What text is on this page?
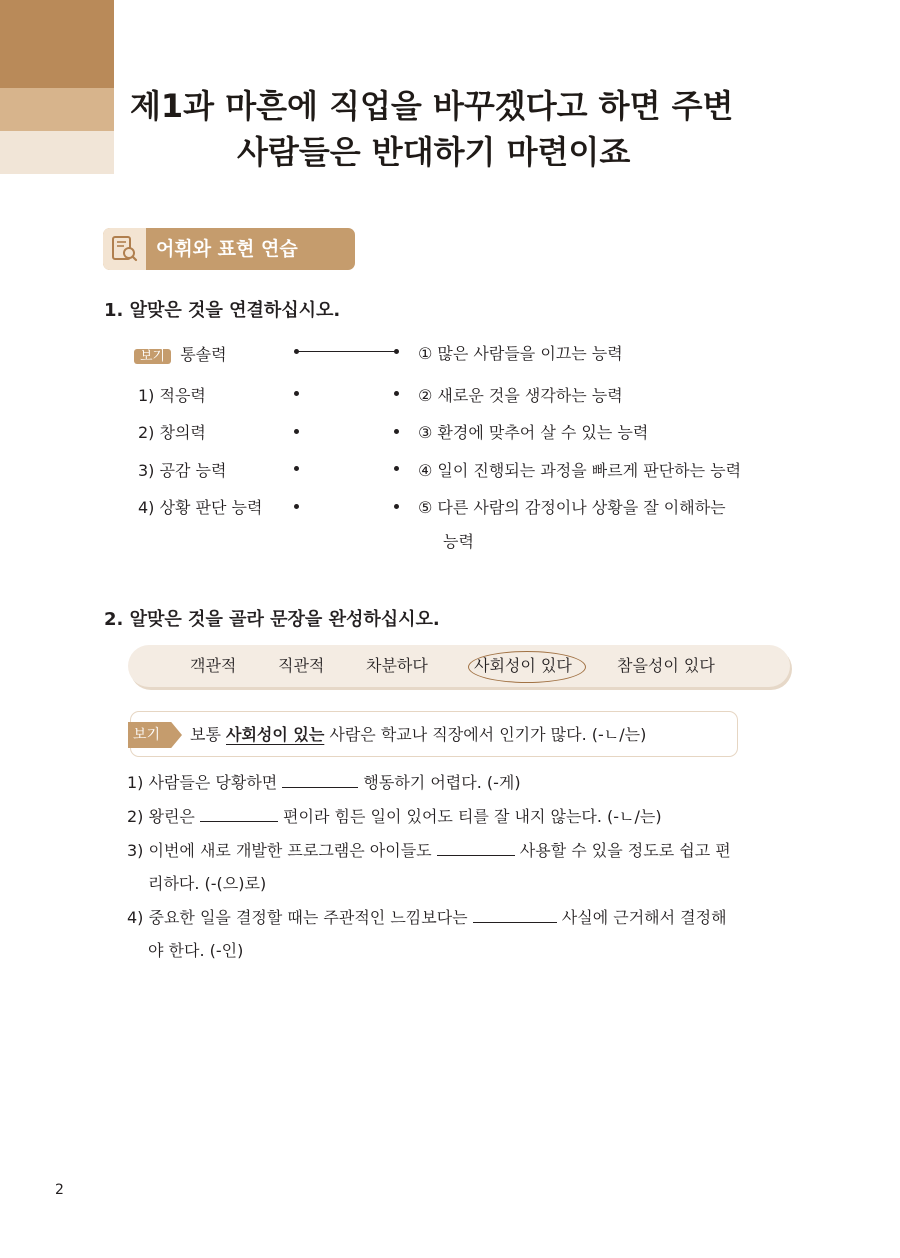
제1과 마흔에 직업을 바꾸겠다고 하면 주변
사람들은 반대하기 마련이죠
어휘와 표현 연습
1. 알맞은 것을 연결하십시오.
보기 통솔력	① 많은 사람들을 이끄는 능력
1) 적응력	② 새로운 것을 생각하는 능력
2) 창의력	③ 환경에 맞추어 살 수 있는 능력
3) 공감 능력	④ 일이 진행되는 과정을 빠르게 판단하는 능력
4) 상황 판단 능력	⑤ 다른 사람의 감정이나 상황을 잘 이해하는
능력
2. 알맞은 것을 골라 문장을 완성하십시오.
객관적	직관적	차분하다	사회성이 있다	참을성이 있다
보기 보통 사회성이 있는 사람은 학교나 직장에서 인기가 많다. (-ㄴ/는)
1) 사람들은 당황하면	행동하기 어렵다. (-게)
2) 왕린은	편이라 힘든 일이 있어도 티를 잘 내지 않는다. (-ㄴ/는)
3) 이번에 새로 개발한 프로그램은 아이들도	사용할 수 있을 정도로 쉽고 편
리하다. (-(으)로)
4) 중요한 일을 결정할 때는 주관적인 느낌보다는	사실에 근거해서 결정해
야 한다. (-인)
2
